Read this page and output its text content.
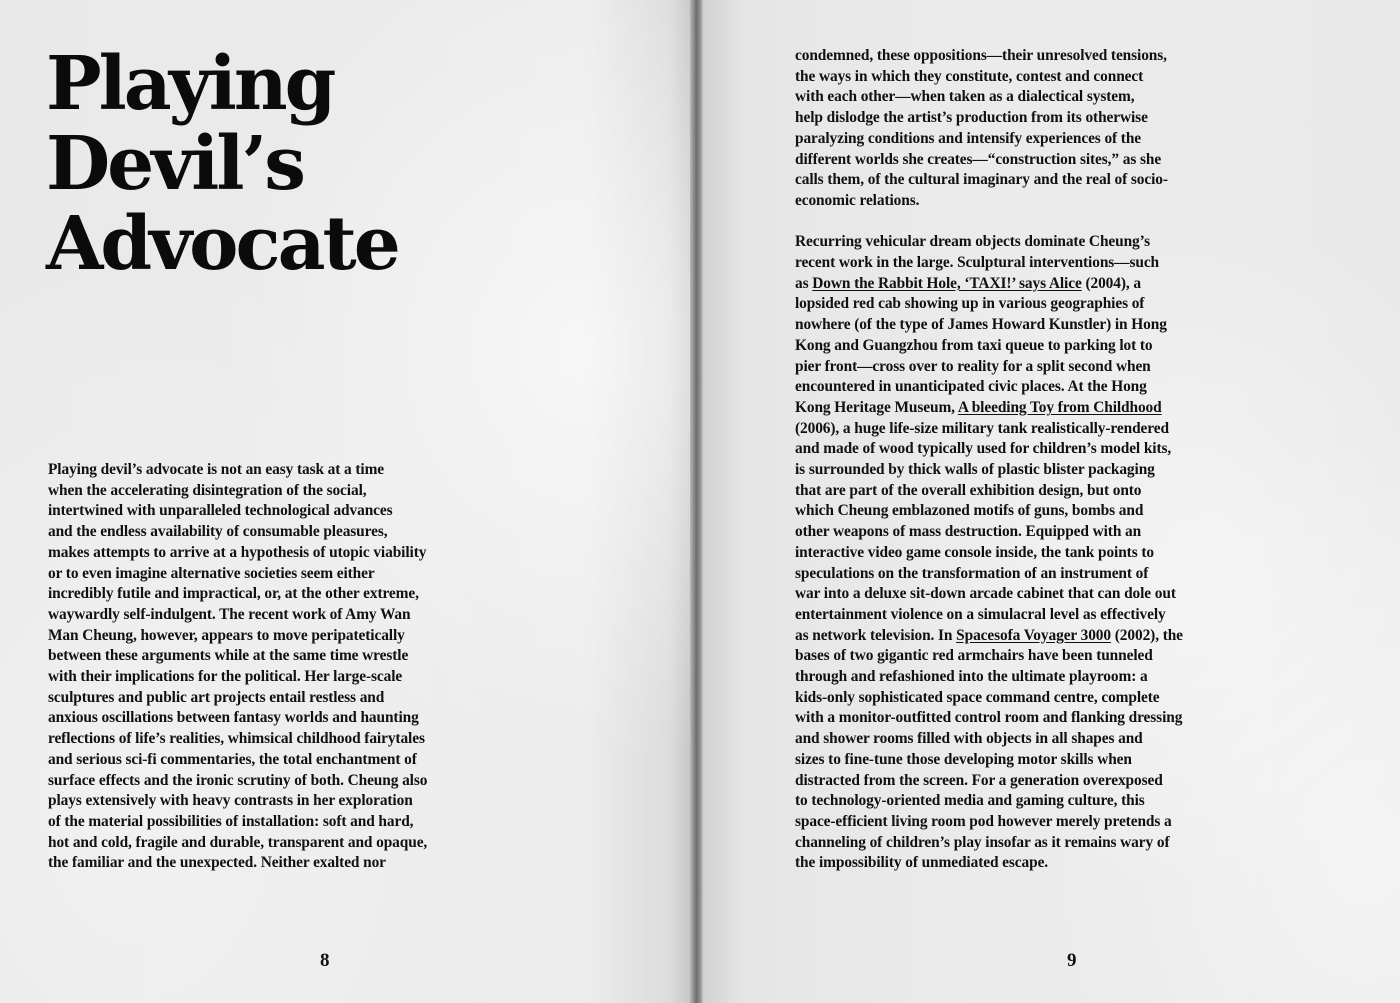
Playing
Devil’s
Advocate

Playing devil’s advocate is not an easy task at a time
when the accelerating disintegration of the social,
intertwined with unparalleled technological advances
and the endless availability of consumable pleasures,
makes attempts to arrive at a hypothesis of utopic viability
or to even imagine alternative societies seem either
incredibly futile and impractical, or, at the other extreme,
waywardly self-indulgent. The recent work of Amy Wan
Man Cheung, however, appears to move peripatetically
between these arguments while at the same time wrestle
with their implications for the political. Her large-scale
sculptures and public art projects entail restless and
anxious oscillations between fantasy worlds and haunting
reflections of life’s realities, whimsical childhood fairytales
and serious sci-fi commentaries, the total enchantment of
surface effects and the ironic scrutiny of both. Cheung also
plays extensively with heavy contrasts in her exploration
of the material possibilities of installation: soft and hard,
hot and cold, fragile and durable, transparent and opaque,
the familiar and the unexpected. Neither exalted nor

8

condemned, these oppositions—their unresolved tensions,
the ways in which they constitute, contest and connect
with each other—when taken as a dialectical system,
help dislodge the artist’s production from its otherwise
paralyzing conditions and intensify experiences of the
different worlds she creates—“construction sites,” as she
calls them, of the cultural imaginary and the real of socio-
economic relations.

Recurring vehicular dream objects dominate Cheung’s
recent work in the large. Sculptural interventions—such
as Down the Rabbit Hole, ‘TAXI!’ says Alice (2004), a
lopsided red cab showing up in various geographies of
nowhere (of the type of James Howard Kunstler) in Hong
Kong and Guangzhou from taxi queue to parking lot to
pier front—cross over to reality for a split second when
encountered in unanticipated civic places. At the Hong
Kong Heritage Museum, A bleeding Toy from Childhood
(2006), a huge life-size military tank realistically-rendered
and made of wood typically used for children’s model kits,
is surrounded by thick walls of plastic blister packaging
that are part of the overall exhibition design, but onto
which Cheung emblazoned motifs of guns, bombs and
other weapons of mass destruction. Equipped with an
interactive video game console inside, the tank points to
speculations on the transformation of an instrument of
war into a deluxe sit-down arcade cabinet that can dole out
entertainment violence on a simulacral level as effectively
as network television. In Spacesofa Voyager 3000 (2002), the
bases of two gigantic red armchairs have been tunneled
through and refashioned into the ultimate playroom: a
kids-only sophisticated space command centre, complete
with a monitor-outfitted control room and flanking dressing
and shower rooms filled with objects in all shapes and
sizes to fine-tune those developing motor skills when
distracted from the screen. For a generation overexposed
to technology-oriented media and gaming culture, this
space-efficient living room pod however merely pretends a
channeling of children’s play insofar as it remains wary of
the impossibility of unmediated escape.

9
